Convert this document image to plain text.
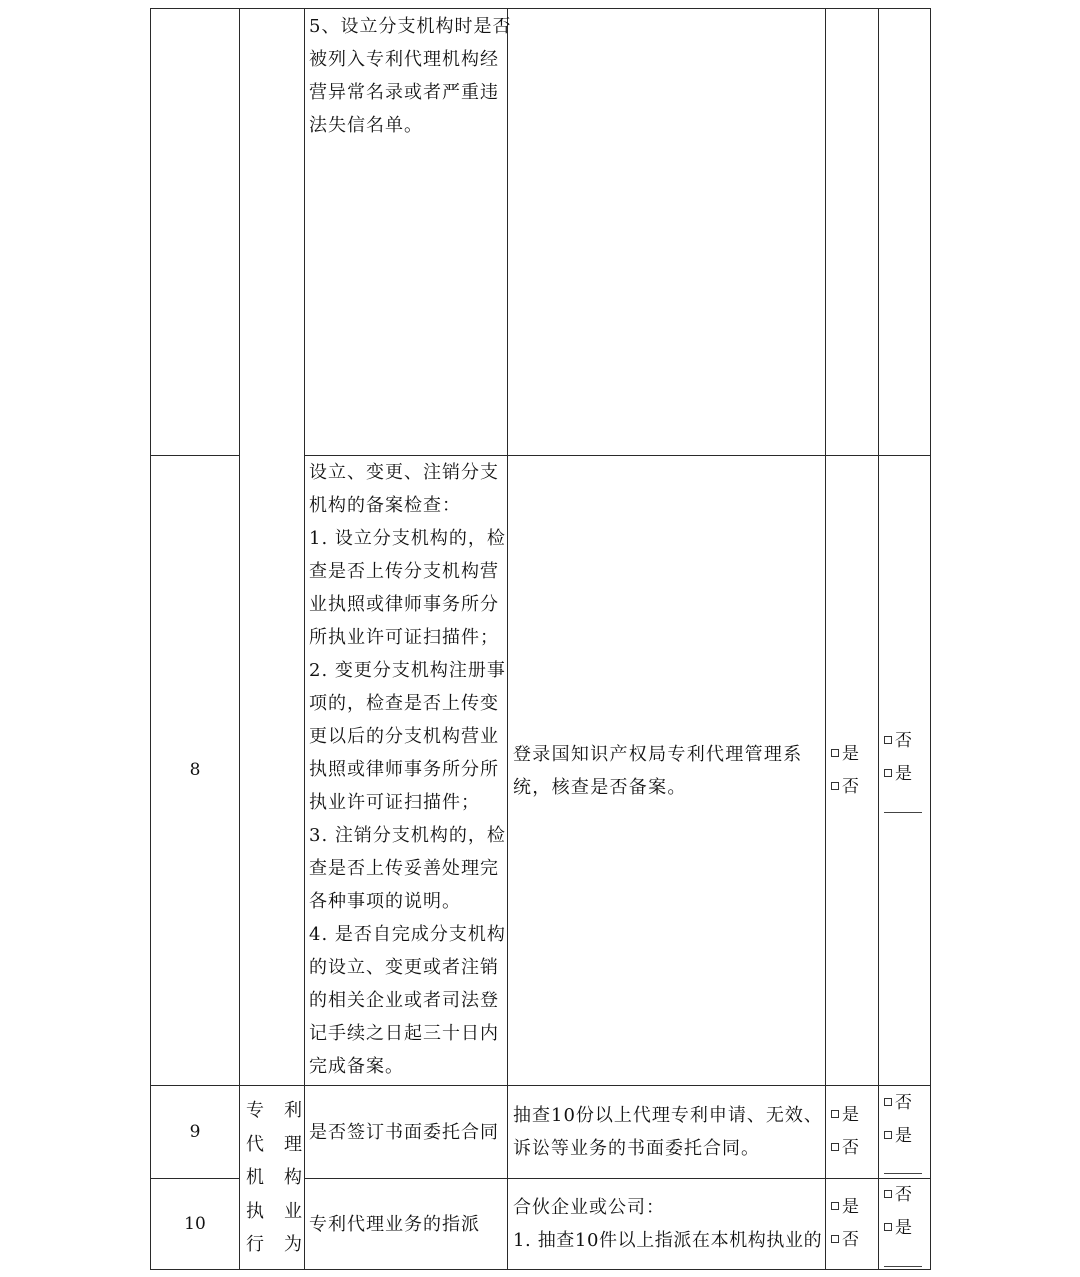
5、设立分支机构时是否
被列入专利代理机构经
营异常名录或者严重违
法失信名单。
8
设立、变更、注销分支
机构的备案检查：
1. 设立分支机构的，检
查是否上传分支机构营
业执照或律师事务所分
所执业许可证扫描件；
2. 变更分支机构注册事
项的，检查是否上传变
更以后的分支机构营业
执照或律师事务所分所
执业许可证扫描件；
3. 注销分支机构的，检
查是否上传妥善处理完
各种事项的说明。
4. 是否自完成分支机构
的设立、变更或者注销
的相关企业或者司法登
记手续之日起三十日内
完成备案。
登录国知识产权局专利代理管理系
统，核查是否备案。
是
否
否
是
专 利
代 理
机 构
执 业
行 为
9	是否签订书面委托合同
抽查10份以上代理专利申请、无效、
诉讼等业务的书面委托合同。
是
否
否
是
10	专利代理业务的指派
合伙企业或公司：
1. 抽查10件以上指派在本机构执业的
是
否
否
是
